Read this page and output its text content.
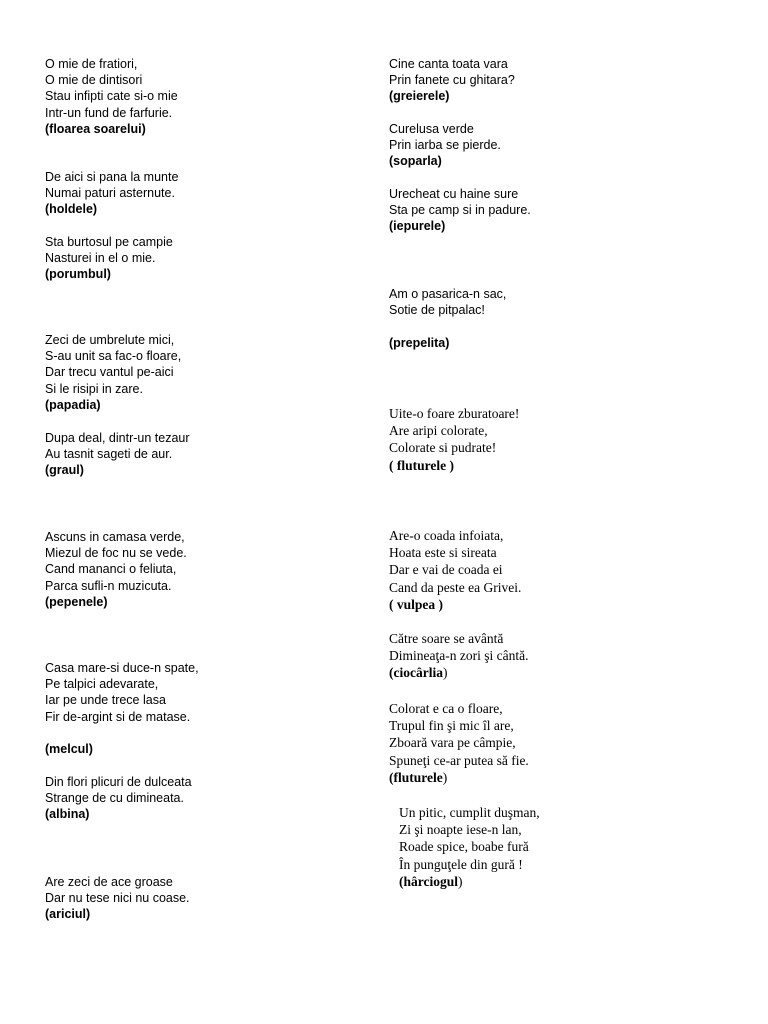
O mie de fratiori,
O mie de dintisori
Stau infipti cate si-o mie
Intr-un fund de farfurie.
(floarea soarelui)
De aici si pana la munte
Numai paturi asternute.
(holdele)
Sta burtosul pe campie
Nasturei in el o mie.
(porumbul)
Zeci de umbrelute mici,
S-au unit sa fac-o floare,
Dar trecu vantul pe-aici
Si le risipi in zare.
(papadia)
Dupa deal, dintr-un tezaur
Au tasnit sageti de aur.
(graul)
Ascuns in camasa verde,
Miezul de foc nu se vede.
Cand mananci o feliuta,
Parca sufli-n muzicuta.
(pepenele)
Casa mare-si duce-n spate,
Pe talpici adevarate,
Iar pe unde trece lasa
Fir de-argint si de matase.
(melcul)
Din flori plicuri de dulceata
Strange de cu dimineata.
(albina)
Are zeci de ace groase
Dar nu tese nici nu coase.
(ariciul)
Cine canta toata vara
Prin fanete cu ghitara?
(greierele)
Curelusa verde
Prin iarba se pierde.
(soparla)
Urecheat cu haine sure
Sta pe camp si in padure.
(iepurele)
Am o pasarica-n sac,
Sotie de pitpalac!
(prepelita)
Uite-o foare zburatoare!
Are aripi colorate,
Colorate si pudrate!
( fluturele )
Are-o coada infoiata,
Hoata este si sireata
Dar e vai de coada ei
Cand da peste ea Grivei.
( vulpea )
Către soare se avântă
Dimineaţa-n zori şi cântă.
(ciocârlia)
Colorat e ca o floare,
Trupul fin şi mic îl are,
Zboară vara pe câmpie,
Spuneţi ce-ar putea să fie.
(fluturele)
Un pitic, cumplit duşman,
Zi şi noapte iese-n lan,
Roade spice, boabe fură
În punguţele din gură !
(hârciogul)
